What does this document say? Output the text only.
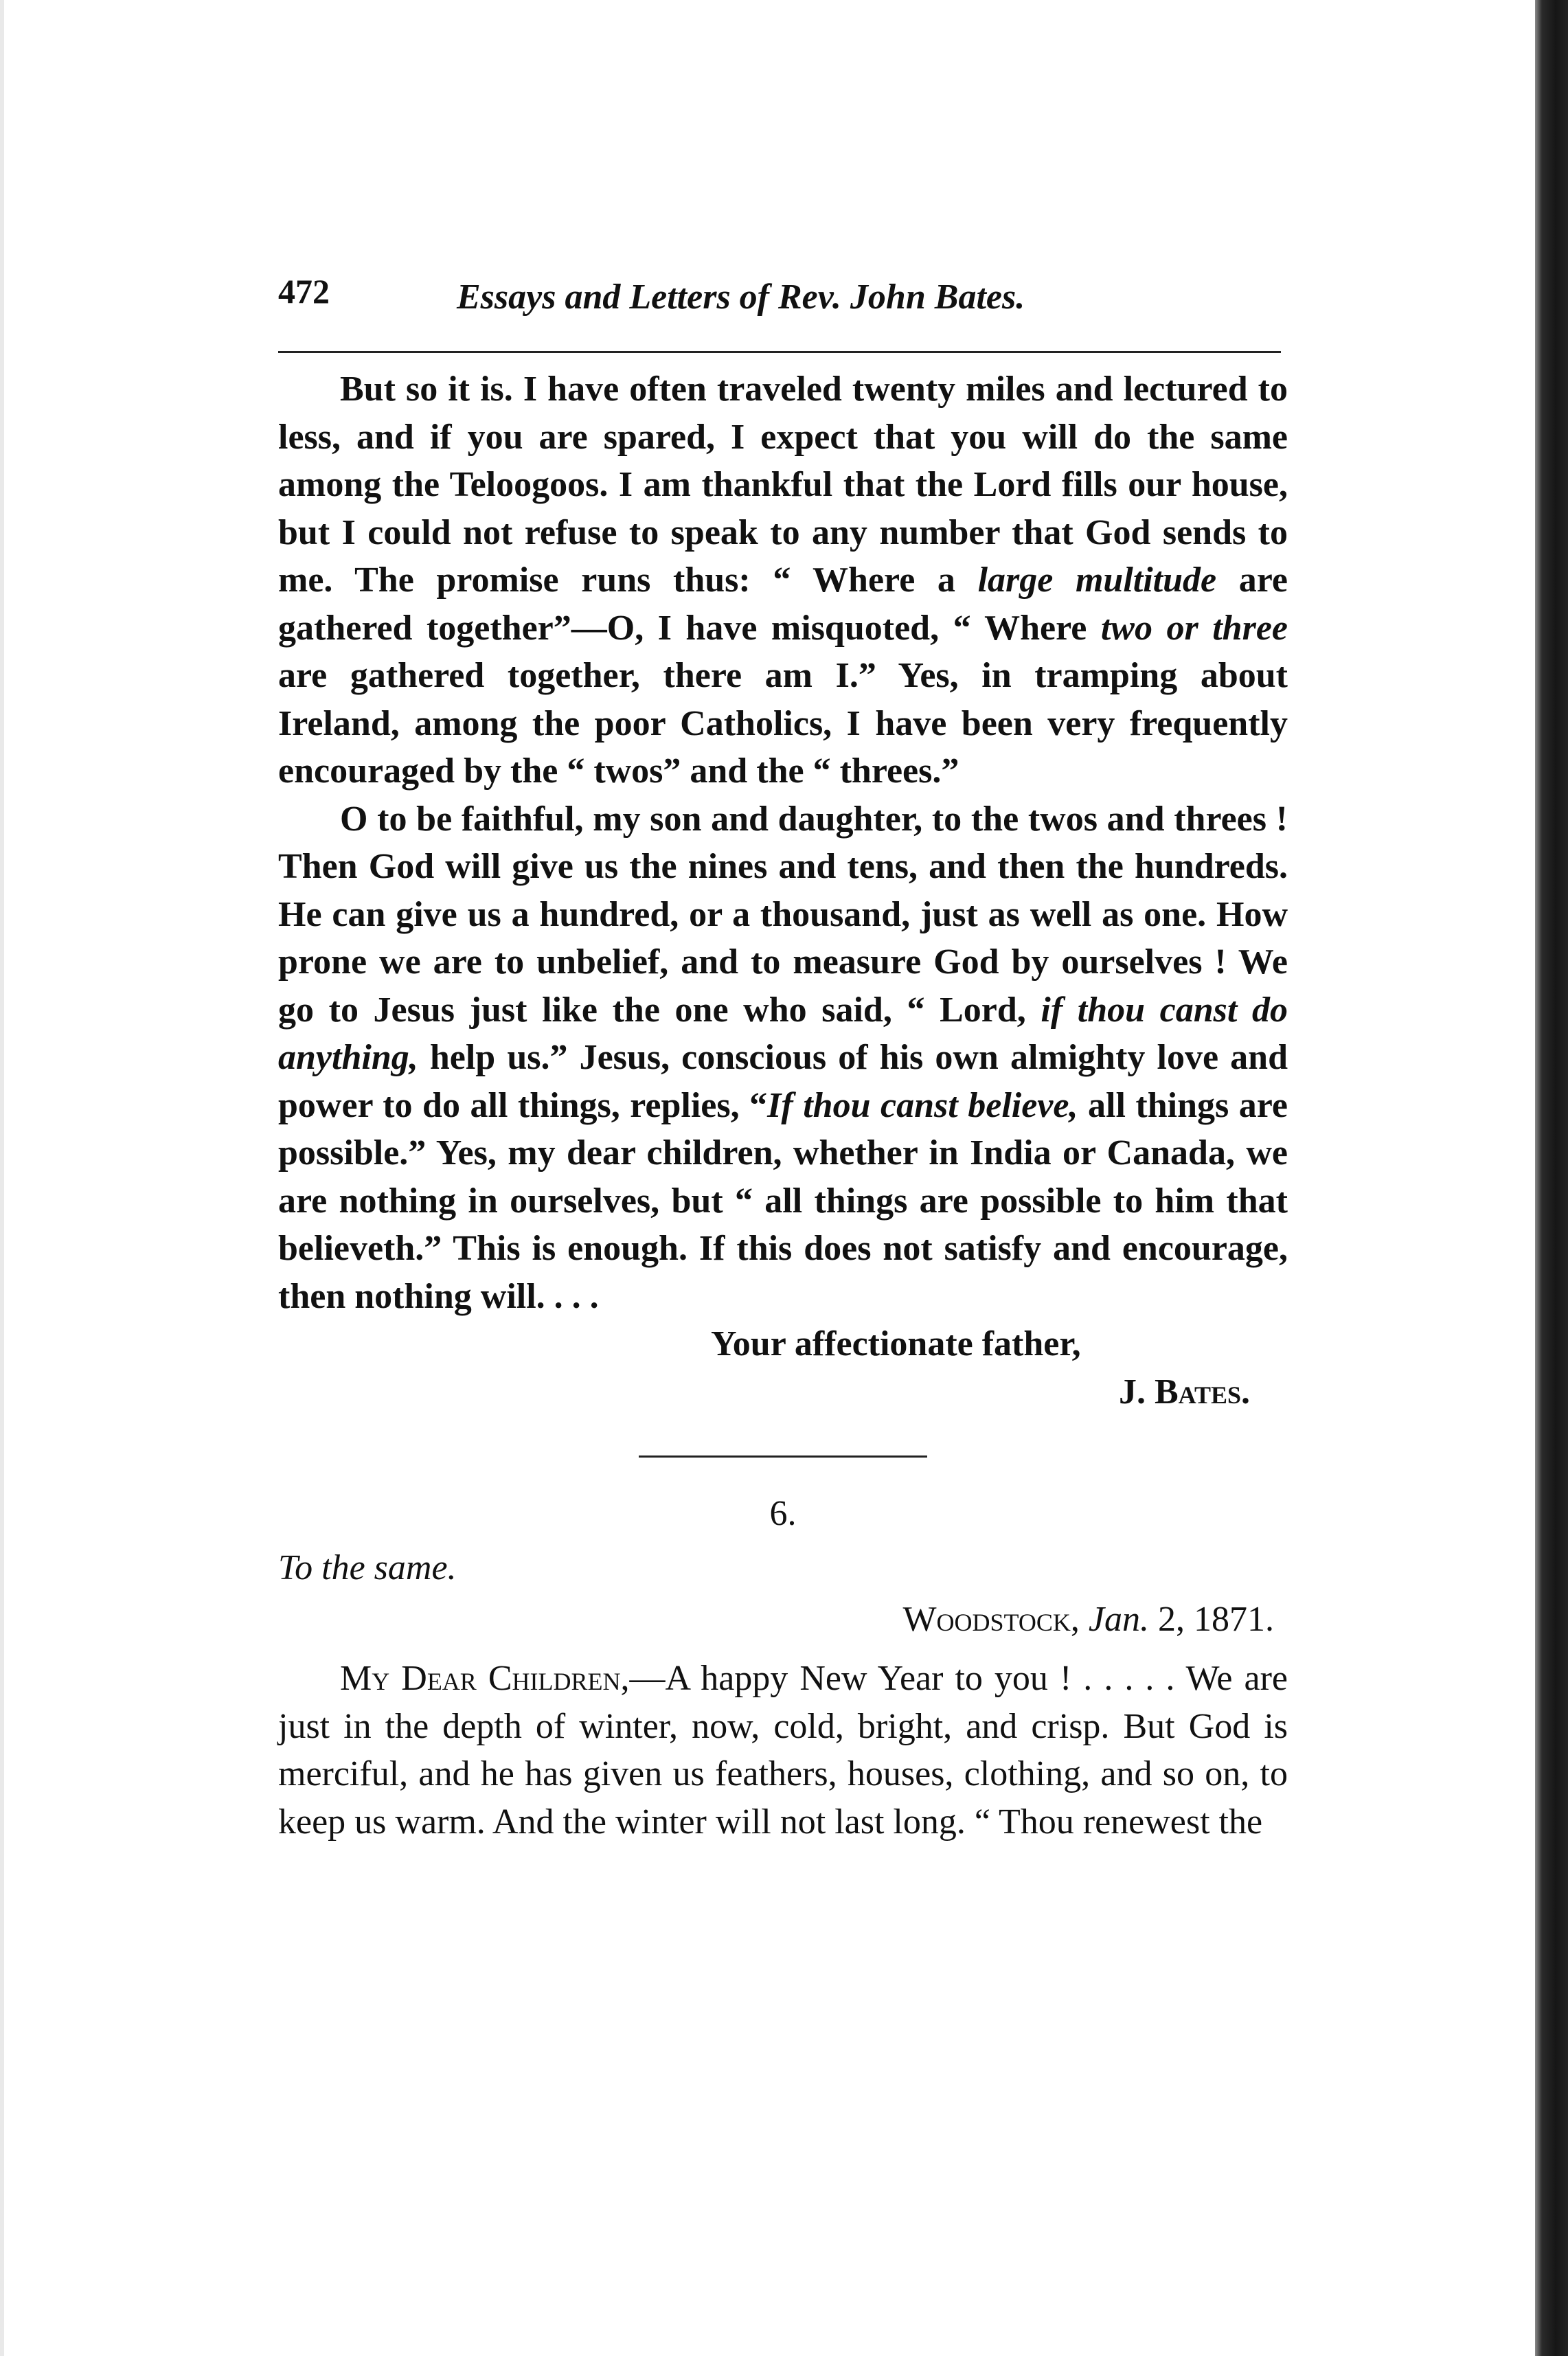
472	Essays and Letters of Rev. John Bates.

But so it is. I have often traveled twenty miles and lectured to less, and if you are spared, I expect that you will do the same among the Teloogoos. I am thankful that the Lord fills our house, but I could not refuse to speak to any number that God sends to me. The promise runs thus: “ Where a large multitude are gathered together”—O, I have misquoted, “ Where two or three are gathered together, there am I.” Yes, in tramping about Ireland, among the poor Catholics, I have been very frequently encouraged by the “ twos” and the “ threes.”

O to be faithful, my son and daughter, to the twos and threes ! Then God will give us the nines and tens, and then the hundreds. He can give us a hundred, or a thousand, just as well as one. How prone we are to unbelief, and to measure God by ourselves ! We go to Jesus just like the one who said, “ Lord, if thou canst do anything, help us.” Jesus, conscious of his own almighty love and power to do all things, replies, “If thou canst believe, all things are possible.” Yes, my dear children, whether in India or Canada, we are nothing in ourselves, but “ all things are possible to him that believeth.” This is enough. If this does not satisfy and encourage, then nothing will. . . .

Your affectionate father,

J. Bates.

6.
To the same.
Woodstock, Jan. 2, 1871.

My Dear Children,—A happy New Year to you ! . . . . . We are just in the depth of winter, now, cold, bright, and crisp. But God is merciful, and he has given us feathers, houses, clothing, and so on, to keep us warm. And the winter will not last long. “ Thou renewest the
